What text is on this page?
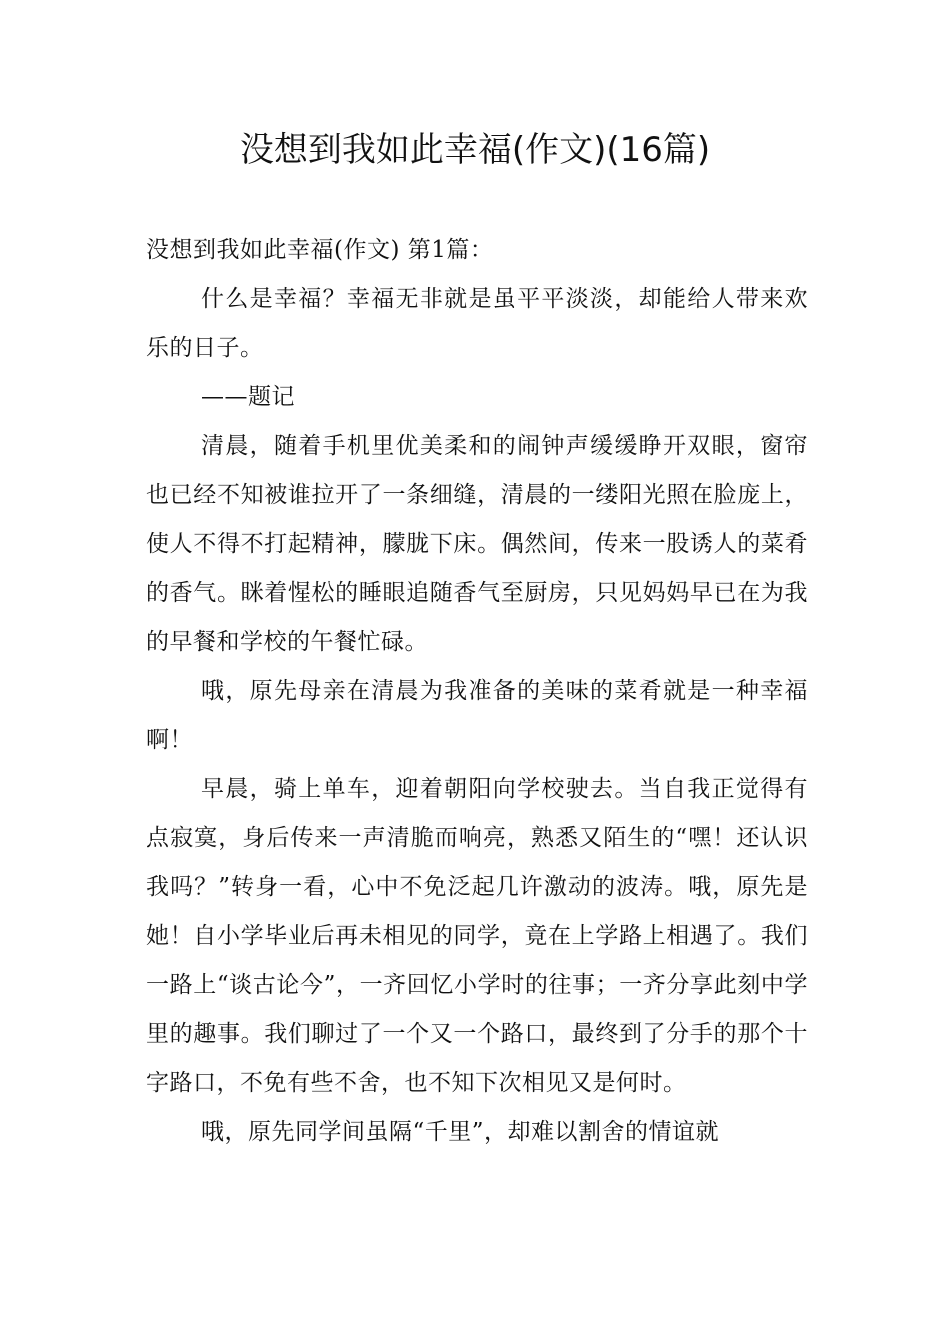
没想到我如此幸福(作文)(16篇)

没想到我如此幸福(作文) 第1篇：

什么是幸福？幸福无非就是虽平平淡淡，却能给人带来欢乐的日子。

——题记

清晨，随着手机里优美柔和的闹钟声缓缓睁开双眼，窗帘也已经不知被谁拉开了一条细缝，清晨的一缕阳光照在脸庞上，使人不得不打起精神，朦胧下床。偶然间，传来一股诱人的菜肴的香气。眯着惺松的睡眼追随香气至厨房，只见妈妈早已在为我的早餐和学校的午餐忙碌。

哦，原先母亲在清晨为我准备的美味的菜肴就是一种幸福啊！

早晨，骑上单车，迎着朝阳向学校驶去。当自我正觉得有点寂寞，身后传来一声清脆而响亮，熟悉又陌生的“嘿！还认识我吗？”转身一看，心中不免泛起几许激动的波涛。哦，原先是她！自小学毕业后再未相见的同学，竟在上学路上相遇了。我们一路上“谈古论今”，一齐回忆小学时的往事；一齐分享此刻中学里的趣事。我们聊过了一个又一个路口，最终到了分手的那个十字路口，不免有些不舍，也不知下次相见又是何时。

哦，原先同学间虽隔“千里”，却难以割舍的情谊就
